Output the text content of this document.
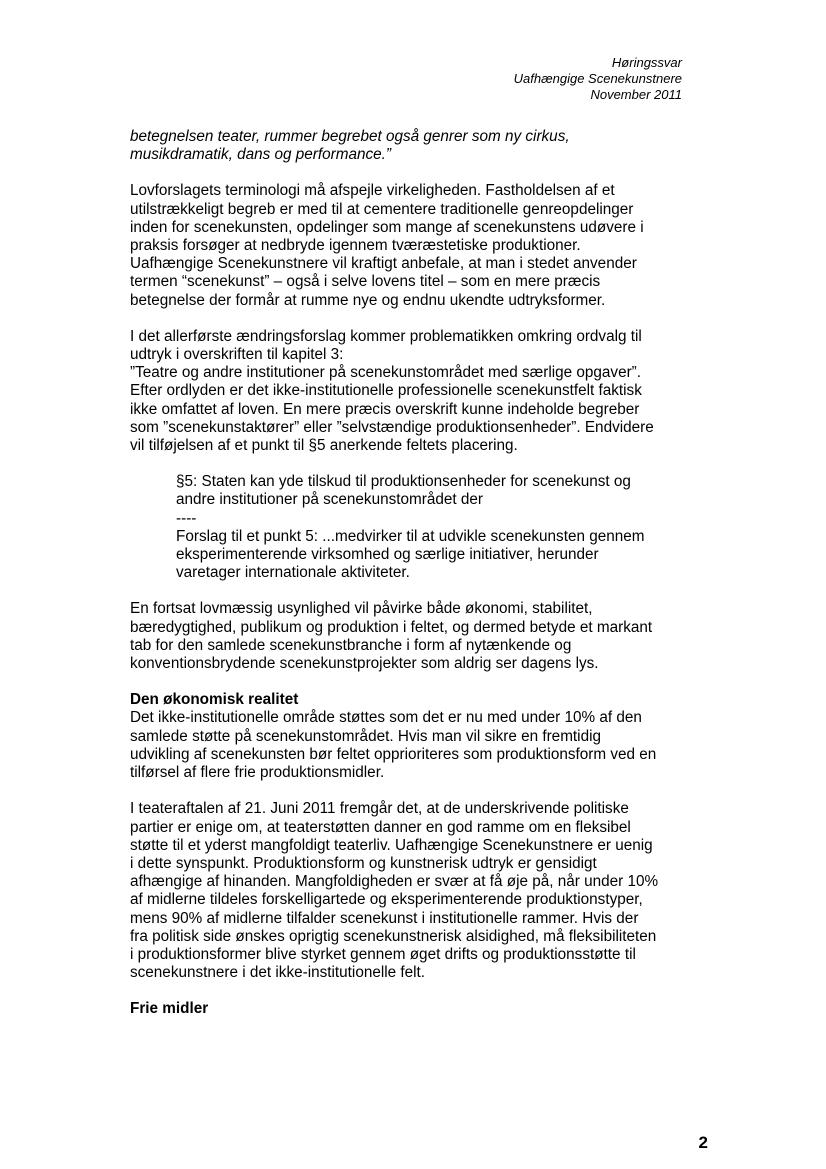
Høringssvar
Uafhængige Scenekunstnere
November 2011

betegnelsen teater, rummer begrebet også genrer som ny cirkus,
musikdramatik, dans og performance.”

Lovforslagets terminologi må afspejle virkeligheden. Fastholdelsen af et
utilstrækkeligt begreb er med til at cementere traditionelle genreopdelinger
inden for scenekunsten, opdelinger som mange af scenekunstens udøvere i
praksis forsøger at nedbryde igennem tværæstetiske produktioner.
Uafhængige Scenekunstnere vil kraftigt anbefale, at man i stedet anvender
termen “scenekunst” – også i selve lovens titel – som en mere præcis
betegnelse der formår at rumme nye og endnu ukendte udtryksformer.

I det allerførste ændringsforslag kommer problematikken omkring ordvalg til
udtryk i overskriften til kapitel 3:
”Teatre og andre institutioner på scenekunstområdet med særlige opgaver”.
Efter ordlyden er det ikke-institutionelle professionelle scenekunstfelt faktisk
ikke omfattet af loven. En mere præcis overskrift kunne indeholde begreber
som ”scenekunstaktører” eller ”selvstændige produktionsenheder”. Endvidere
vil tilføjelsen af et punkt til §5 anerkende feltets placering.

§5: Staten kan yde tilskud til produktionsenheder for scenekunst og
andre institutioner på scenekunstområdet der
----
Forslag til et punkt 5: ...medvirker til at udvikle scenekunsten gennem
eksperimenterende virksomhed og særlige initiativer, herunder
varetager internationale aktiviteter.

En fortsat lovmæssig usynlighed vil påvirke både økonomi, stabilitet,
bæredygtighed, publikum og produktion i feltet, og dermed betyde et markant
tab for den samlede scenekunstbranche i form af nytænkende og
konventionsbrydende scenekunstprojekter som aldrig ser dagens lys.

Den økonomisk realitet

Det ikke-institutionelle område støttes som det er nu med under 10% af den
samlede støtte på scenekunstområdet. Hvis man vil sikre en fremtidig
udvikling af scenekunsten bør feltet opprioriteres som produktionsform ved en
tilførsel af flere frie produktionsmidler.

I teateraftalen af 21. Juni 2011 fremgår det, at de underskrivende politiske
partier er enige om, at teaterstøtten danner en god ramme om en fleksibel
støtte til et yderst mangfoldigt teaterliv. Uafhængige Scenekunstnere er uenig
i dette synspunkt. Produktionsform og kunstnerisk udtryk er gensidigt
afhængige af hinanden. Mangfoldigheden er svær at få øje på, når under 10%
af midlerne tildeles forskelligartede og eksperimenterende produktionstyper,
mens 90% af midlerne tilfalder scenekunst i institutionelle rammer. Hvis der
fra politisk side ønskes oprigtig scenekunstnerisk alsidighed, må fleksibiliteten
i produktionsformer blive styrket gennem øget drifts og produktionsstøtte til
scenekunstnere i det ikke-institutionelle felt.

Frie midler

2
